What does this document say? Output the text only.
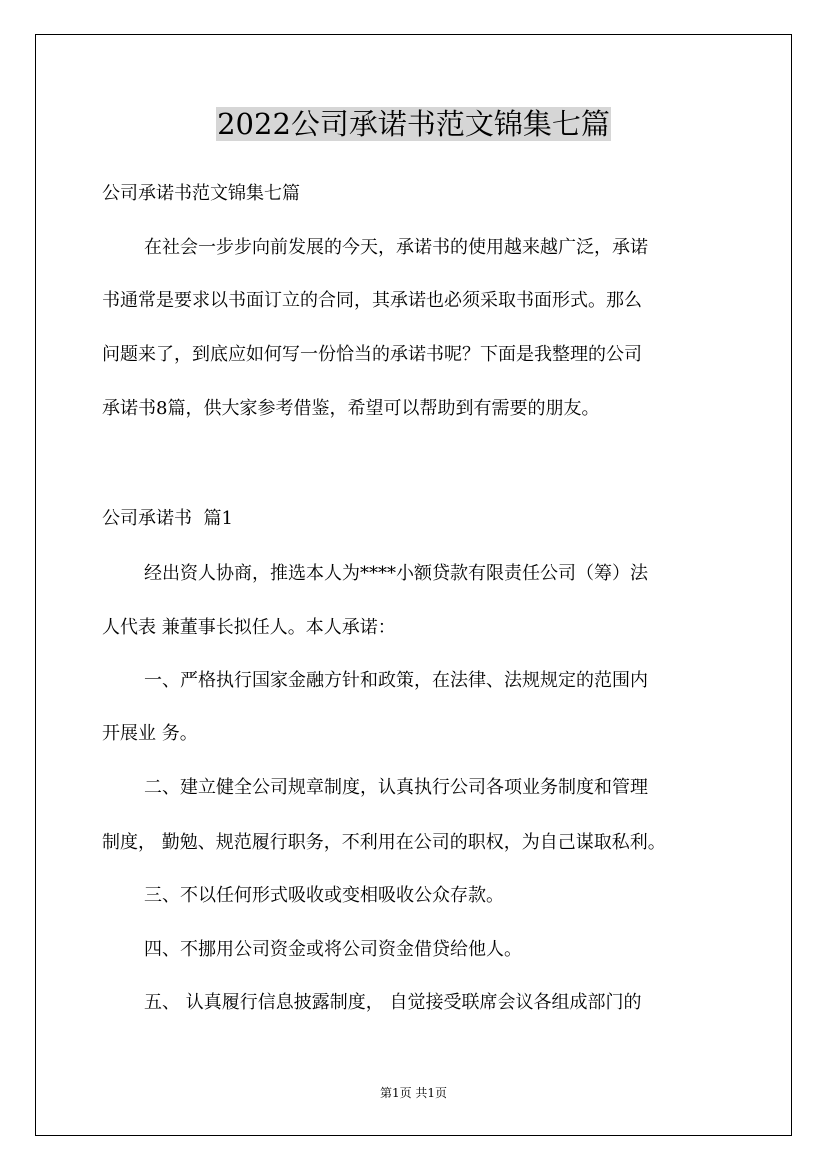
2022公司承诺书范文锦集七篇
公司承诺书范文锦集七篇
在社会一步步向前发展的今天，承诺书的使用越来越广泛，承诺
书通常是要求以书面订立的合同，其承诺也必须采取书面形式。那么
问题来了，到底应如何写一份恰当的承诺书呢？下面是我整理的公司
承诺书8篇，供大家参考借鉴，希望可以帮助到有需要的朋友。
公司承诺书  篇1
经出资人协商，推选本人为****小额贷款有限责任公司（筹）法
人代表 兼董事长拟任人。本人承诺：
一、严格执行国家金融方针和政策，在法律、法规规定的范围内
开展业 务。
二、建立健全公司规章制度，认真执行公司各项业务制度和管理
制度， 勤勉、规范履行职务，不利用在公司的职权，为自己谋取私利。
三、不以任何形式吸收或变相吸收公众存款。
四、不挪用公司资金或将公司资金借贷给他人。
五、 认真履行信息披露制度， 自觉接受联席会议各组成部门的
第1页 共1页
